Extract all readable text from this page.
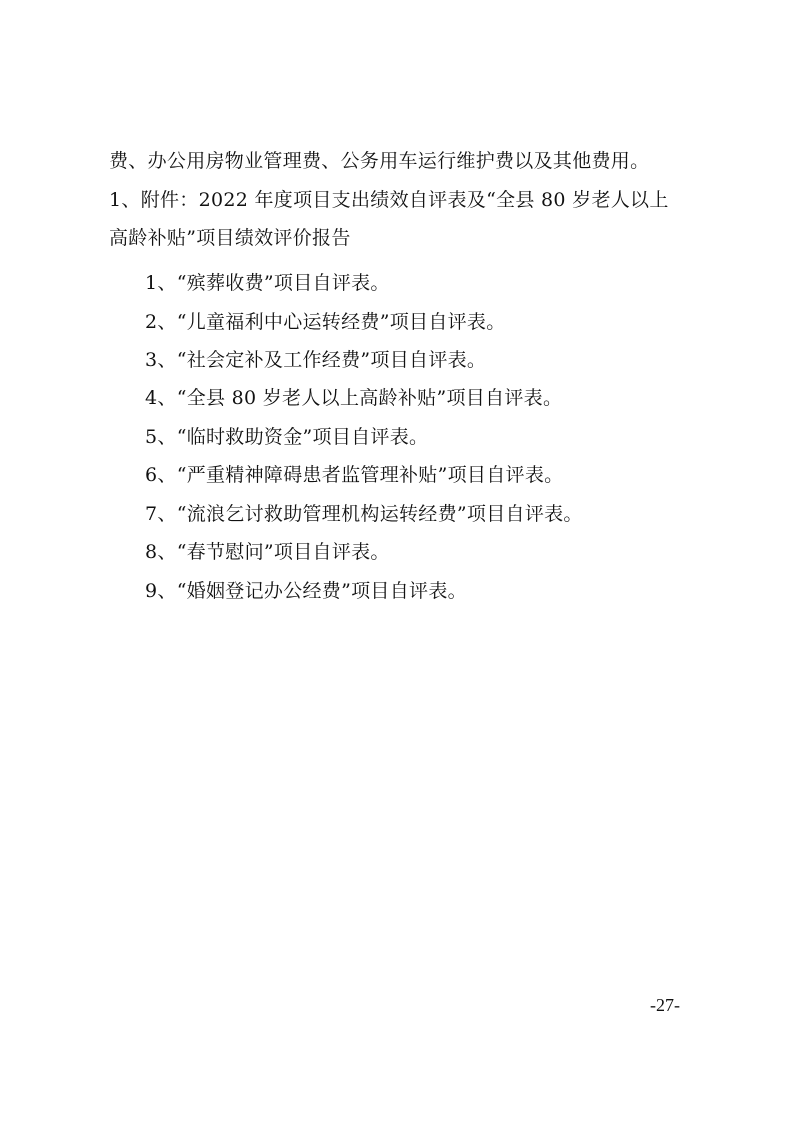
费、办公用房物业管理费、公务用车运行维护费以及其他费用。
1、附件：2022 年度项目支出绩效自评表及“全县 80 岁老人以上
高龄补贴”项目绩效评价报告
1、“殡葬收费”项目自评表。
2、“儿童福利中心运转经费”项目自评表。
3、“社会定补及工作经费”项目自评表。
4、“全县 80 岁老人以上高龄补贴”项目自评表。
5、“临时救助资金”项目自评表。
6、“严重精神障碍患者监管理补贴”项目自评表。
7、“流浪乞讨救助管理机构运转经费”项目自评表。
8、“春节慰问”项目自评表。
9、“婚姻登记办公经费”项目自评表。
-27-
